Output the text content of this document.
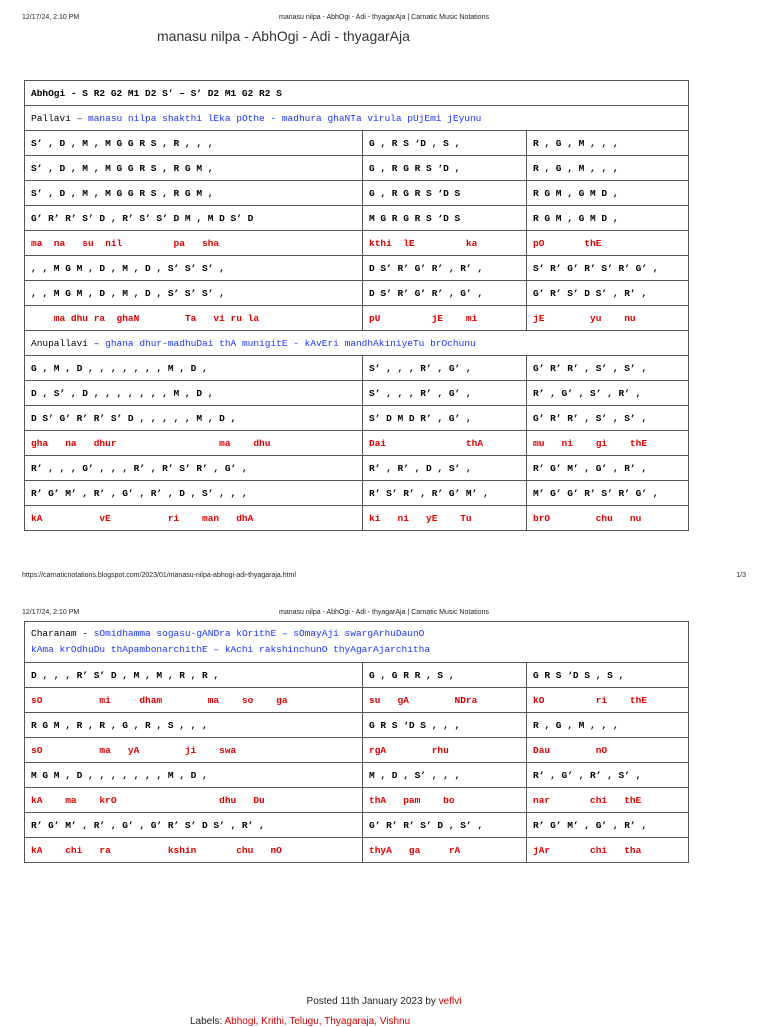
12/17/24, 2:10 PM	manasu nilpa - AbhOgi - Adi - thyagarAja | Carnatic Music Notations
manasu nilpa - AbhOgi - Adi - thyagarAja
AbhOgi - S R2 G2 M1 D2 S’ – S’ D2 M1 G2 R2 S		
Pallavi – manasu nilpa shakthi lEka pOthe - madhura ghaNTa virula pUjEmi jEyunu		
S’ , D , M , M G G R S , R , , ,	G , R S ‘D , S ,	R , G , M , , ,
S’ , D , M , M G G R S , R G M ,	G , R G R S ‘D ,	R , G , M , , ,
S’ , D , M , M G G R S , R G M ,	G , R G R S ‘D S	R G M , G M D ,
G’ R’ R’ S’ D , R’ S’ S’ D M , M D S’ D	M G R G R S ‘D S	R G M , G M D ,
ma  na   su  nil         pa   sha	kthi  lE         ka	pO       thE
, , M G M , D , M , D , S’ S’ S’ ,	D S’ R’ G’ R’ , R’ ,	S’ R’ G’ R’ S’ R’ G’ ,
, , M G M , D , M , D , S’ S’ S’ ,	D S’ R’ G’ R’ , G’ ,	G’ R’ S’ D S’ , R’ ,
ma dhu ra  ghaN        Ta   vi ru la	pU         jE    mi	jE        yu    nu
Anupallavi – ghana dhur-madhuDai thA munigitE - kAvEri mandhAkiniyeTu brOchunu		
G , M , D , , , , , , , M , D ,	S’ , , , R’ , G’ ,	G’ R’ R’ , S’ , S’ ,
D , S’ , D , , , , , , , M , D ,	S’ , , , R’ , G’ ,	R’ , G’ , S’ , R’ ,
D S’ G’ R’ R’ S’ D , , , , , M , D ,	S’ D M D R’ , G’ ,	G’ R’ R’ , S’ , S’ ,
gha   na   dhur                  ma    dhu	Dai              thA	mu   ni    gi    thE
R’ , , , G’ , , , R’ , R’ S’ R’ , G’ ,	R’ , R’ , D , S’ ,	R’ G’ M’ , G’ , R’ ,
R’ G’ M’ , R’ , G’ , R’ , D , S’ , , ,	R’ S’ R’ , R’ G’ M’ ,	M’ G’ G’ R’ S’ R’ G’ ,
kA          vE          ri    man   dhA	ki   ni   yE    Tu	brO        chu   nu
https://carnaticnotations.blogspot.com/2023/01/manasu-nilpa-abhogi-adi-thyagaraja.html	1/3
12/17/24, 2:10 PM	manasu nilpa - AbhOgi - Adi - thyagarAja | Carnatic Music Notations
Charanam - sOmidhamma sogasu-gANDra kOrithE – sOmayAji swargArhuDaunO
kAma krOdhuDu thApambonarchithE – kAchi rakshinchunO thyAgarAjarchitha		
D , , , R’ S’ D , M , M , R , R ,	G , G R R , S ,	G R S ‘D S , S ,
sO          mi     dham        ma    so    ga	su   gA        NDra	kO         ri    thE
R G M , R , R , G , R , S , , ,	G R S ‘D S , , ,	R , G , M , , ,
sO          ma   yA        ji    swa	rgA        rhu	Dau        nO
M G M , D , , , , , , , M , D ,	M , D , S’ , , ,	R’ , G’ , R’ , S’ ,
kA    ma    krO                  dhu   Du	thA   pam    bo	nar       chi   thE
R’ G’ M’ , R’ , G’ , G’ R’ S’ D S’ , R’ ,	G’ R’ R’ S’ D , S’ ,	R’ G’ M’ , G’ , R’ ,
kA    chi   ra          kshin       chu   nO	thyA   ga     rA	jAr       chi   tha
Posted 11th January 2023 by veflvi
Labels: Abhogi, Krithi, Telugu, Thyagaraja, Vishnu
